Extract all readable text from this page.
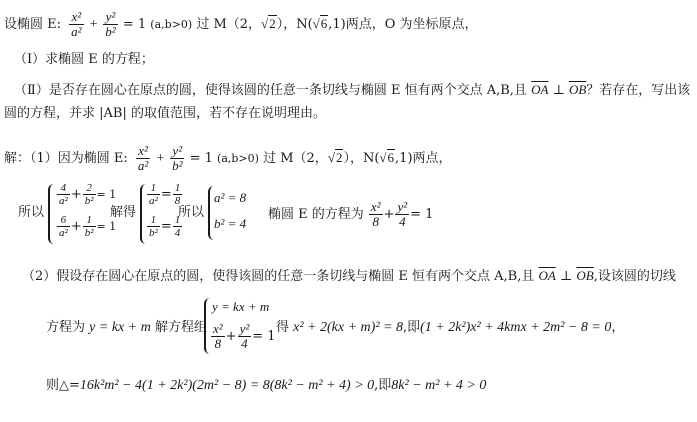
设椭圆 E: $\frac{\text{x²}}{\text{a²}} + \frac{\text{y²}}{\text{b²}} = 1$ (a,b>0) 过 M（2，√2），N(√6,1)两点，O 为坐标原点，
（Ⅰ）求椭圆 E 的方程；
（Ⅱ）是否存在圆心在原点的圆，使得该圆的任意一条切线与椭圆 E 恒有两个交点 A,B,且 $\overline{OA}$ ⊥ $\overline{OB}$？若存在，写出该
圆的方程，并求 |AB| 的取值范围，若不存在说明理由。
解：（1）因为椭圆 E: $\frac{\text{x²}}{\text{a²}} + \frac{\text{y²}}{\text{b²}} = 1$ (a,b>0) 过 M（2，√2），N(√6,1)两点，
所以
$\frac{4}{\text{a²}} + \frac{2}{\text{b²}} = 1$
$\frac{6}{\text{a²}} + \frac{1}{\text{b²}} = 1$
解得
$\frac{1}{\text{a²}} = \frac{1}{8}$
$\frac{1}{\text{b²}} = \frac{1}{4}$
所以
a² = 8
b² = 4
椭圆 E 的方程为 $\frac{\text{x²}}{8} + \frac{\text{y²}}{4} = 1$
（2）假设存在圆心在原点的圆，使得该圆的任意一条切线与椭圆 E 恒有两个交点 A,B,且 $\overline{OA}$ ⊥ $\overline{OB}$,设该圆的切线
方程为 y = kx + m 解方程组
y = kx + m
$\frac{\text{x²}}{8} + \frac{\text{y²}}{4} = 1$
得 x² + 2(kx + m)² = 8,即(1 + 2k²)x² + 4kmx + 2m² − 8 = 0，
则△=16k²m² − 4(1 + 2k²)(2m² − 8) = 8(8k² − m² + 4) > 0,即8k² − m² + 4 > 0
